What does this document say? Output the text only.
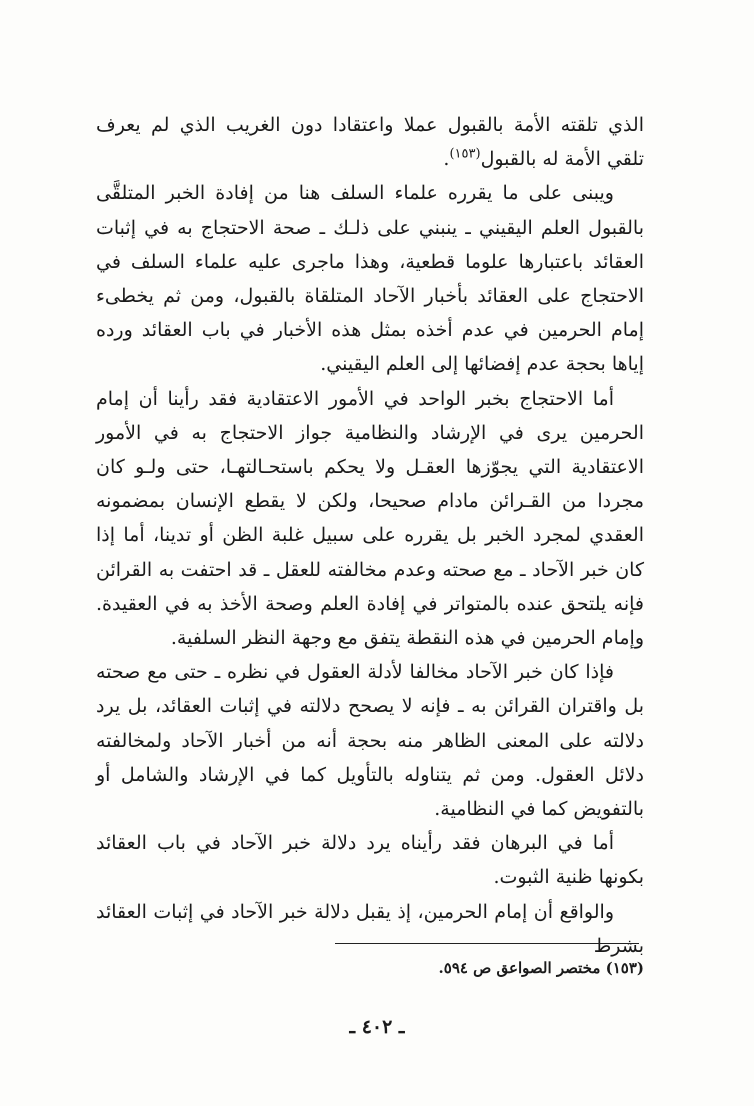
الذي تلقته الأمة بالقبول عملا واعتقادا دون الغريب الذي لم يعرف تلقي الأمة له بالقبول$^{(١٥٣)}$.

ويبنى على ما يقرره علماء السلف هنا من إفادة الخبر المتلقَّى بالقبول العلم اليقيني ـ ينبني على ذلـك ـ صحة الاحتجاج به في إثبات العقائد باعتبارها علوما قطعية، وهذا ماجرى عليه علماء السلف في الاحتجاج على العقائد بأخبار الآحاد المتلقاة بالقبول، ومن ثم يخطىء إمام الحرمين في عدم أخذه بمثل هذه الأخبار في باب العقائد ورده إياها بحجة عدم إفضائها إلى العلم اليقيني.

أما الاحتجاج بخبر الواحد في الأمور الاعتقادية فقد رأينا أن إمام الحرمين يرى في الإرشاد والنظامية جواز الاحتجاج به في الأمور الاعتقادية التي يجوّزها العقـل ولا يحكم باستحـالتهـا، حتى ولـو كان مجردا من القـرائن مادام صحيحا، ولكن لا يقطع الإنسان بمضمونه العقدي لمجرد الخبر بل يقرره على سبيل غلبة الظن أو تدينا، أما إذا كان خبر الآحاد ـ مع صحته وعدم مخالفته للعقل ـ قد احتفت به القرائن فإنه يلتحق عنده بالمتواتر في إفادة العلم وصحة الأخذ به في العقيدة. وإمام الحرمين في هذه النقطة يتفق مع وجهة النظر السلفية.

فإذا كان خبر الآحاد مخالفا لأدلة العقول في نظره ـ حتى مع صحته بل واقتران القرائن به ـ فإنه لا يصحح دلالته في إثبات العقائد، بل يرد دلالته على المعنى الظاهر منه بحجة أنه من أخبار الآحاد ولمخالفته دلائل العقول. ومن ثم يتناوله بالتأويل كما في الإرشاد والشامل أو بالتفويض كما في النظامية.

أما في البرهان فقد رأيناه يرد دلالة خبر الآحاد في باب العقائد بكونها ظنية الثبوت.

والواقع أن إمام الحرمين، إذ يقبل دلالة خبر الآحاد في إثبات العقائد بشرط

(١٥٣) مختصر الصواعق ص ٥٩٤.
ـ ٤٠٢ ـ
